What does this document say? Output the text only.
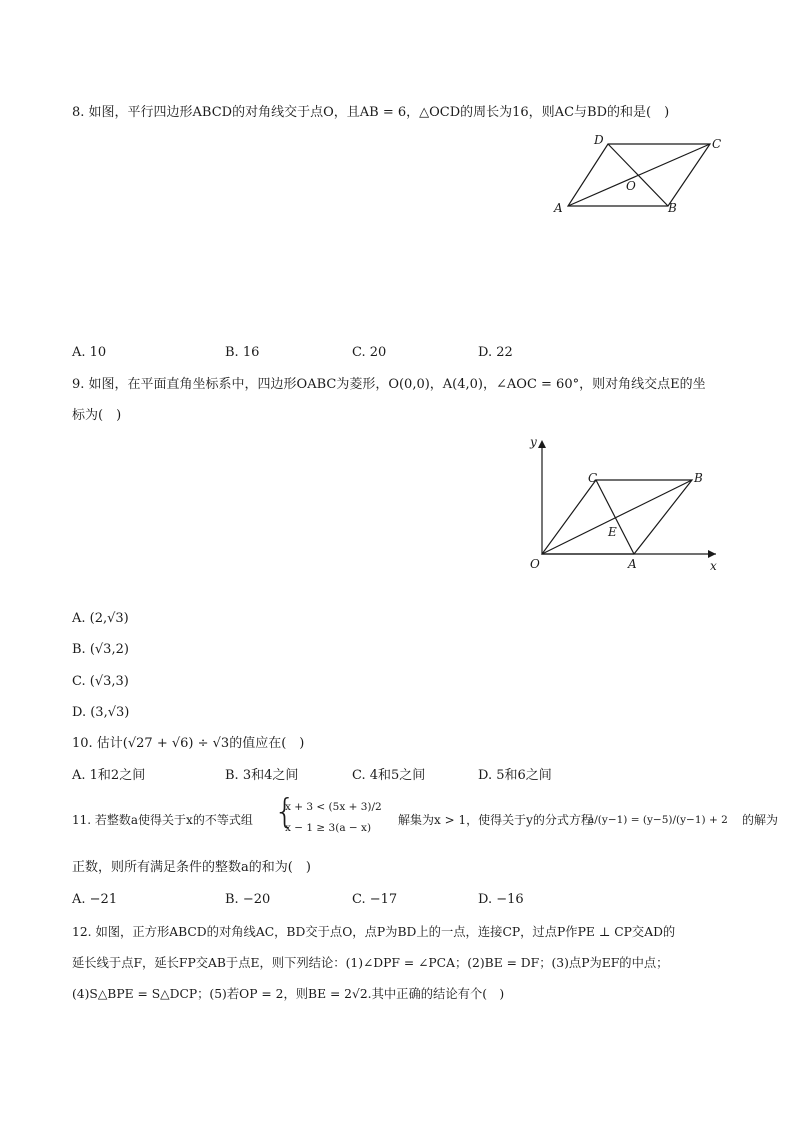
8. 如图，平行四边形ABCD的对角线交于点O，且AB = 6，△OCD的周长为16，则AC与BD的和是(　)
A	B
C
D
O
A. 10	B. 16	C. 20	D. 22
9. 如图，在平面直角坐标系中，四边形OABC为菱形，O(0,0)，A(4,0)，∠AOC = 60°，则对角线交点E的坐
标为(　)
y
x
O	A
B
C
E
A. (2,√3)
B. (√3,2)
C. (√3,3)
D. (3,√3)
10. 估计(√27 + √6) ÷ √3的值应在(　)
A. 1和2之间	B. 3和4之间	C. 4和5之间	D. 5和6之间
11. 若整数a使得关于x的不等式组 {
x + 3 < (5x + 3)/2
x − 1 ≥ 3(a − x)
解集为x > 1，使得关于y的分式方程
a/(y−1) = (y−5)/(y−1) + 2 的解为
正数，则所有满足条件的整数a的和为(　)
A. −21	B. −20	C. −17	D. −16
12. 如图，正方形ABCD的对角线AC，BD交于点O，点P为BD上的一点，连接CP，过点P作PE ⊥ CP交AD的
延长线于点F，延长FP交AB于点E，则下列结论：(1)∠DPF = ∠PCA；(2)BE = DF；(3)点P为EF的中点；
(4)S△BPE = S△DCP；(5)若OP = 2，则BE = 2√2.其中正确的结论有个(　)
